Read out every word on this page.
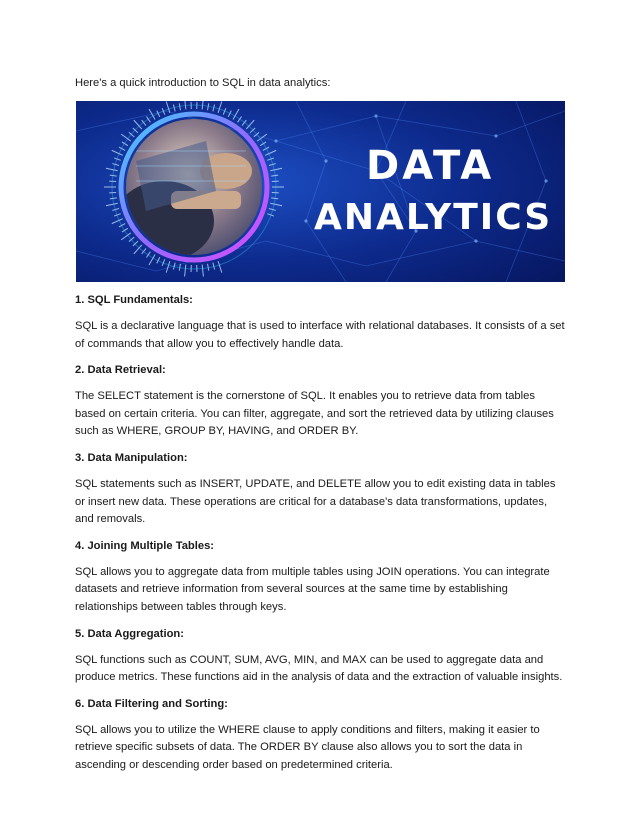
Here's a quick introduction to SQL in data analytics:

DATA
ANALYTICS

1. SQL Fundamentals:

SQL is a declarative language that is used to interface with relational databases. It consists of a set of commands that allow you to effectively handle data.

2. Data Retrieval:

The SELECT statement is the cornerstone of SQL. It enables you to retrieve data from tables based on certain criteria. You can filter, aggregate, and sort the retrieved data by utilizing clauses such as WHERE, GROUP BY, HAVING, and ORDER BY.

3. Data Manipulation:

SQL statements such as INSERT, UPDATE, and DELETE allow you to edit existing data in tables or insert new data. These operations are critical for a database's data transformations, updates, and removals.

4. Joining Multiple Tables:

SQL allows you to aggregate data from multiple tables using JOIN operations. You can integrate datasets and retrieve information from several sources at the same time by establishing relationships between tables through keys.

5. Data Aggregation:

SQL functions such as COUNT, SUM, AVG, MIN, and MAX can be used to aggregate data and produce metrics. These functions aid in the analysis of data and the extraction of valuable insights.

6. Data Filtering and Sorting:

SQL allows you to utilize the WHERE clause to apply conditions and filters, making it easier to retrieve specific subsets of data. The ORDER BY clause also allows you to sort the data in ascending or descending order based on predetermined criteria.
